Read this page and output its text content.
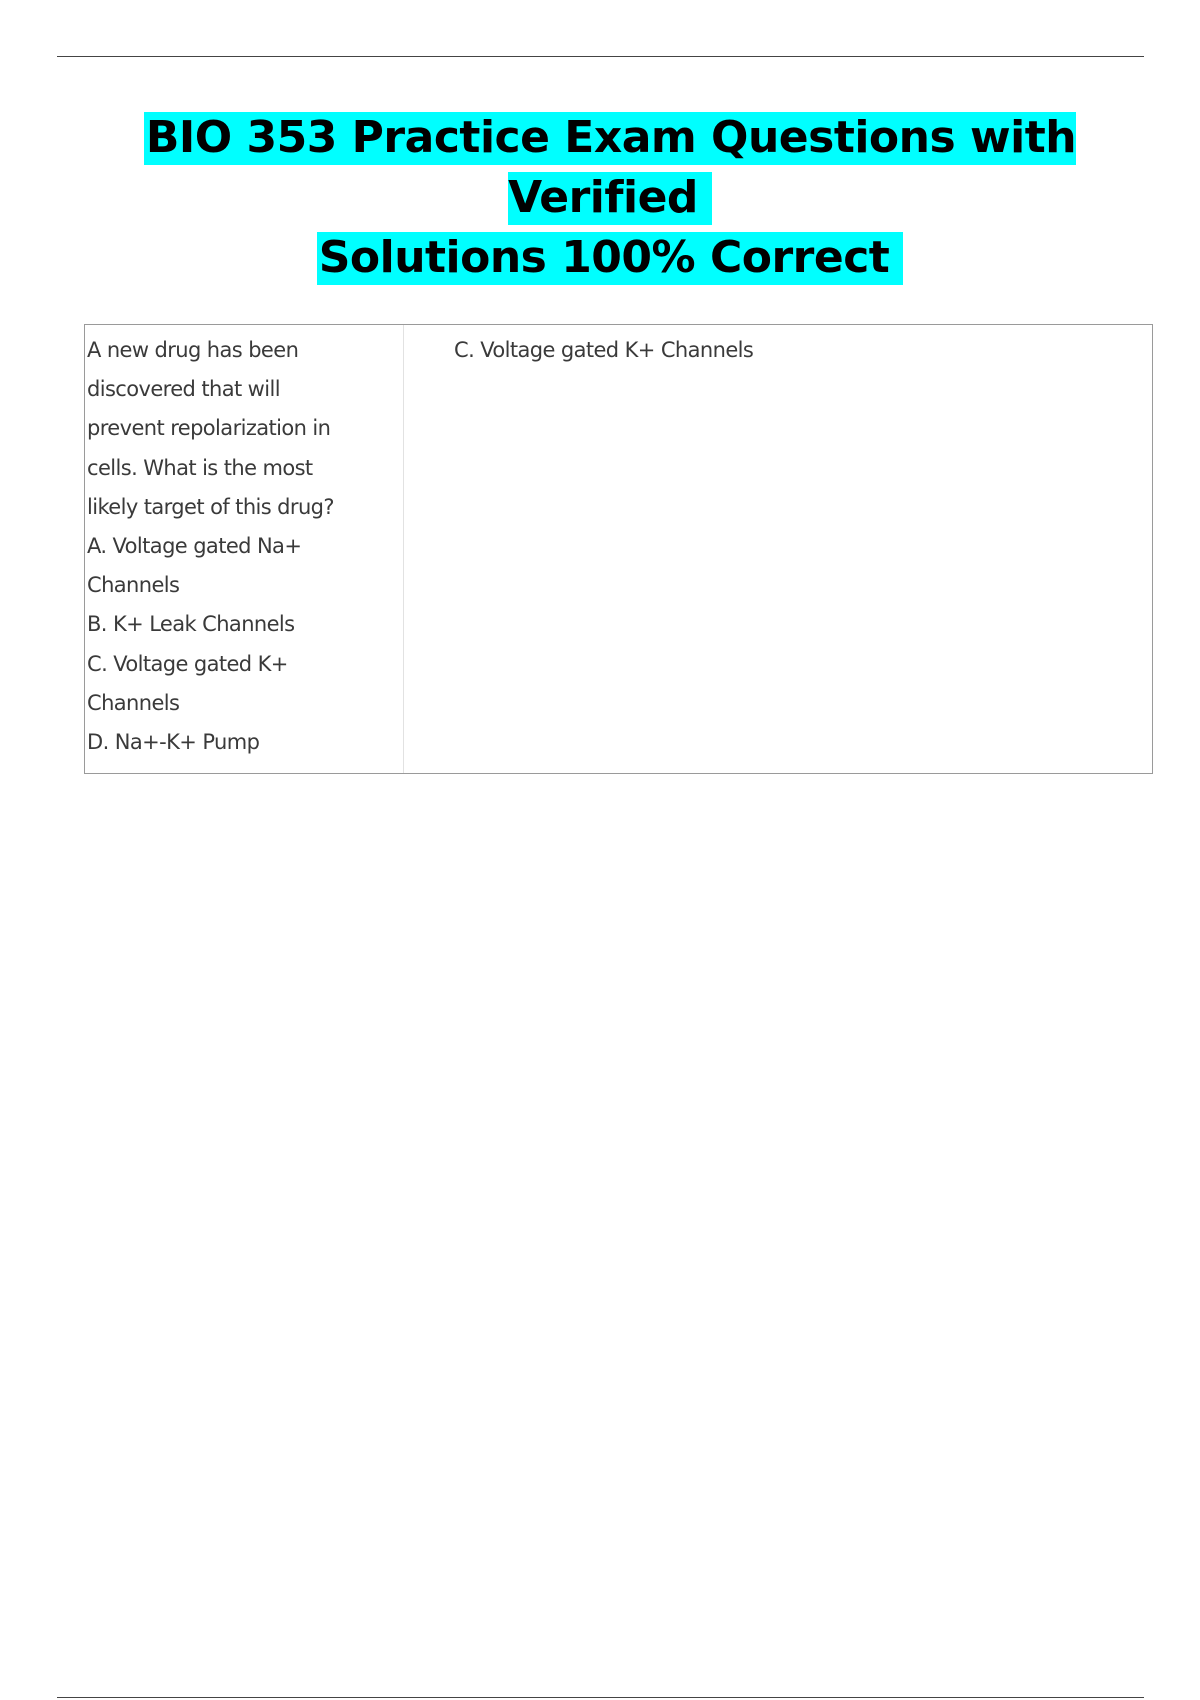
BIO 353 Practice Exam Questions with Verified
Solutions 100% Correct
A new drug has been
discovered that will
prevent repolarization in
cells. What is the most
likely target of this drug?
A. Voltage gated Na+
Channels
B. K+ Leak Channels
C. Voltage gated K+
Channels
D. Na+-K+ Pump
C. Voltage gated K+ Channels
